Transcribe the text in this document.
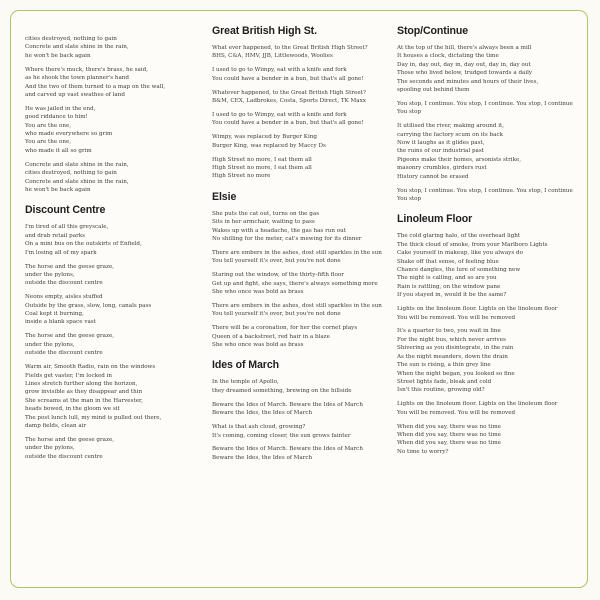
cities destroyed, nothing to gain
Concrete and slate shine in the rain,
he won't be back again
Where there's muck, there's brass, he said,
as he shook the town planner's hand
And the two of them turned to a map on the wall,
and carved up vast swathes of land
He was jailed in the end,
good riddance to him!
You are the one,
who made everywhere so grim
You are the one,
who made it all so grim
Concrete and slate shine in the rain,
cities destroyed, nothing to gain
Concrete and slate shine in the rain,
he won't be back again
Discount Centre
I'm tired of all this greyscale,
and drab retail parks
On a mini bus on the outskirts of Enfield,
I'm losing all of my spark
The horse and the geese graze,
under the pylons,
outside the discount centre
Neons empty, aisles stuffed
Outside by the grass, slow, long, canals pass
Coal kept it burning,
inside a blank space vast
The horse and the geese graze,
under the pylons,
outside the discount centre
Warm air, Smooth Radio, rain on the windows
Fields get vaster, I'm locked in
Lines stretch further along the horizon,
grow invisible as they disappear and thin
She screams at the man in the Harvester,
heads bowed, in the gloom we sit
The post lunch lull, my mind is pulled out there,
damp fields, clean air
The horse and the geese graze,
under the pylons,
outside the discount centre
Great British High St.
What ever happened, to the Great British High Street?
BHS, C&A, HMV, JJB, Littlewoods, Woolies
I used to go to Wimpy, eat with a knife and fork
You could have a bender in a bun, but that's all gone!
Whatever happened, to the Great British High Street?
B&M, CEX, Ladbrokes, Costa, Sports Direct, TK Maxx
I used to go to Wimpy, eat with a knife and fork
You could have a bender in a bun, but that's all gone!
Wimpy, was replaced by Burger King
Burger King, was replaced by Maccy Ds
High Street no more, I eat them all
High Street no more, I eat them all
High Street no more
Elsie
She puts the cat out, turns on the gas
Sits in her armchair, waiting to pass
Wakes up with a headache, the gas has run out
No shilling for the meter, cat's mewing for its dinner
There are embers in the ashes, dost still sparkles in the sun
You tell yourself it's over, but you're not done
Staring out the window, of the thirty-fifth floor
Get up and fight, she says, there's always something more
She who once was bold as brass
There are embers in the ashes, dost still sparkles in the sun
You tell yourself it's over, but you're not done
There will be a coronation, for her the cornet plays
Queen of a backstreet, red hair in a blaze
She who once was bold as brass
Ides of March
In the temple of Apollo,
they dreamed something, brewing on the hillside
Beware the Ides of March. Beware the Ides of March
Beware the Ides, the Ides of March
What is that ash cloud, growing?
It's coming, coming closer, the sun grows fainter
Beware the Ides of March. Beware the Ides of March
Beware the Ides, the Ides of March
Stop/Continue
At the top of the hill, there's always been a mill
It houses a clock, dictating the time
Day in, day out, day in, day out, day in, day out
Those who lived below, trudged towards a daily
The seconds and minutes and hours of their lives,
spooling out behind them
You stop, I continue. You stop, I continue. You stop, I continue
You stop
It utilised the river, making around it,
carrying the factory scum on its back
Now it laughs as it glides past,
the ruins of our industrial past
Pigeons make their homes, arsonists strike,
masonry crumbles, girders rust
History cannot be erased
You stop, I continue. You stop, I continue. You stop, I continue
You stop
Linoleum Floor
The cold glaring halo, of the overhead light
The thick cloud of smoke, from your Marlboro Lights
Cake yourself in makeup, like you always do
Shake off that sense, of feeling blue
Chance dangles, the lure of something new
The night is calling, and so are you
Rain is rattling, on the window pane
If you stayed in, would it be the same?
Lights on the linoleum floor. Lights on the linoleum floor
You will be removed. You will be removed
It's a quarter to two, you wait in line
For the night bus, which never arrives
Shivering as you disintegrate, in the rain
As the night meanders, down the drain
The sun is rising, a thin grey line
When the night began, you looked so fine
Street lights fade, bleak and cold
Isn't this routine, growing old?
Lights on the linoleum floor. Lights on the linoleum floor
You will be removed. You will be removed
When did you say, there was no time
When did you say, there was no time
When did you say, there was no time
No time to worry?
